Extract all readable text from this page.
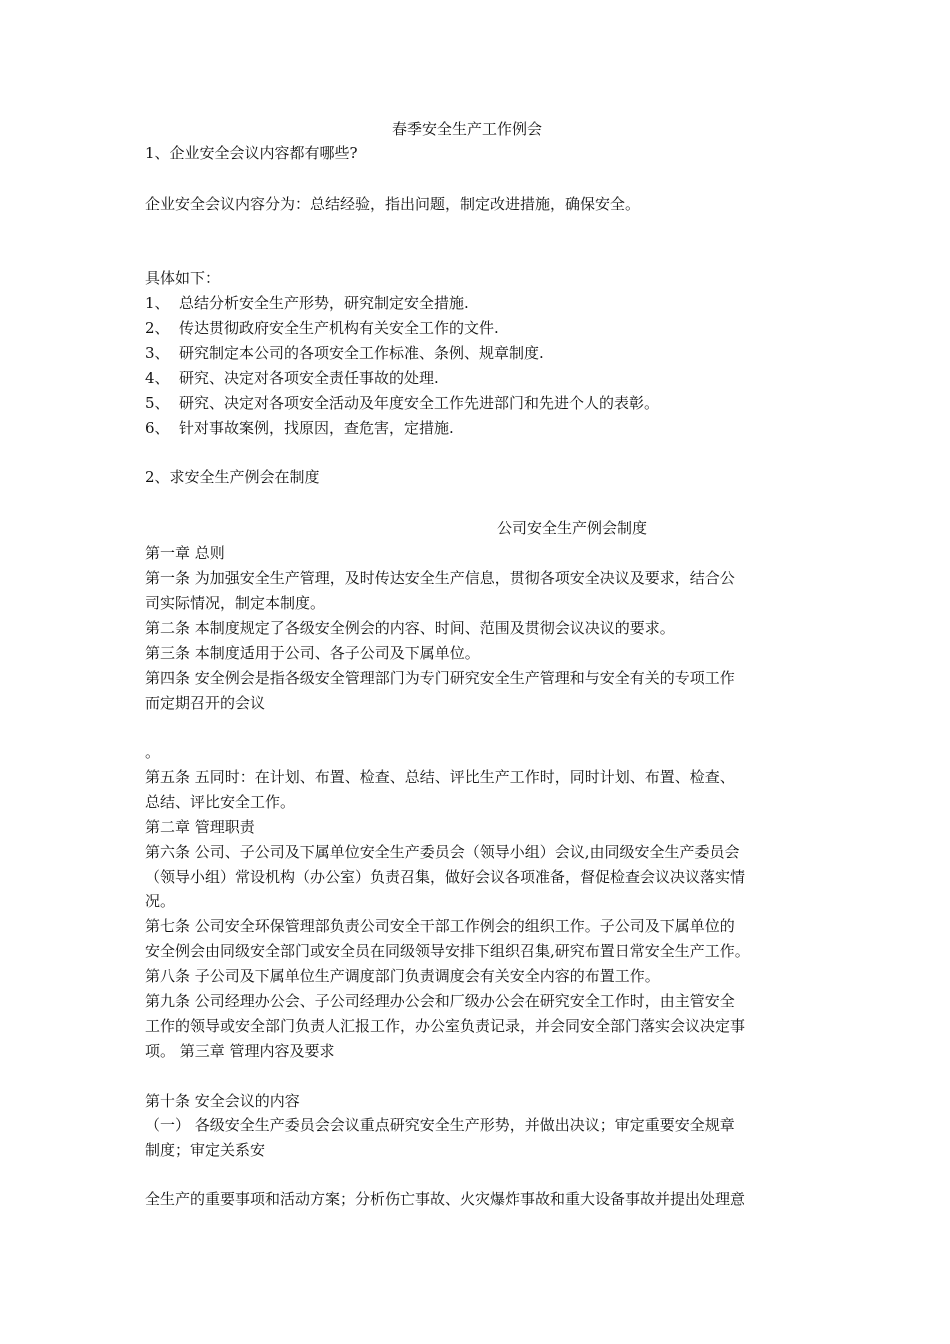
春季安全生产工作例会
1、企业安全会议内容都有哪些?
企业安全会议内容分为：总结经验，指出问题，制定改进措施，确保安全。
具体如下：
1、 总结分析安全生产形势，研究制定安全措施.
2、 传达贯彻政府安全生产机构有关安全工作的文件.
3、 研究制定本公司的各项安全工作标准、条例、规章制度.
4、 研究、决定对各项安全责任事故的处理.
5、 研究、决定对各项安全活动及年度安全工作先进部门和先进个人的表彰。
6、 针对事故案例，找原因，查危害，定措施.
2、求安全生产例会在制度
公司安全生产例会制度
第一章 总则
第一条 为加强安全生产管理，及时传达安全生产信息，贯彻各项安全决议及要求，结合公
司实际情况，制定本制度。
第二条 本制度规定了各级安全例会的内容、时间、范围及贯彻会议决议的要求。
第三条 本制度适用于公司、各子公司及下属单位。
第四条 安全例会是指各级安全管理部门为专门研究安全生产管理和与安全有关的专项工作
而定期召开的会议
。
第五条 五同时：在计划、布置、检查、总结、评比生产工作时，同时计划、布置、检查、
总结、评比安全工作。
第二章 管理职责
第六条 公司、子公司及下属单位安全生产委员会（领导小组）会议,由同级安全生产委员会
（领导小组）常设机构（办公室）负责召集，做好会议各项准备，督促检查会议决议落实情
况。
第七条 公司安全环保管理部负责公司安全干部工作例会的组织工作。子公司及下属单位的
安全例会由同级安全部门或安全员在同级领导安排下组织召集,研究布置日常安全生产工作。
第八条 子公司及下属单位生产调度部门负责调度会有关安全内容的布置工作。
第九条 公司经理办公会、子公司经理办公会和厂级办公会在研究安全工作时，由主管安全
工作的领导或安全部门负责人汇报工作，办公室负责记录，并会同安全部门落实会议决定事
项。 第三章 管理内容及要求
第十条 安全会议的内容
（一） 各级安全生产委员会会议重点研究安全生产形势，并做出决议；审定重要安全规章
制度；审定关系安
全生产的重要事项和活动方案；分析伤亡事故、火灾爆炸事故和重大设备事故并提出处理意
